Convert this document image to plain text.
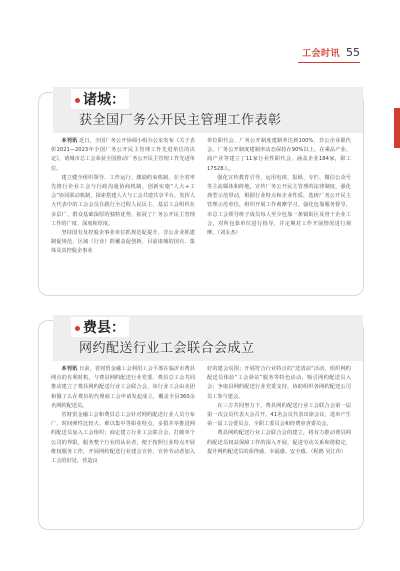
工会时讯 55
诸城：
获全国厂务公开民主管理工作表彰

本刊讯 近日，全国厂务公开协调小组办公室发布《关于表彰2021—2023年全国厂务公开民主管理工作先进单位的决定》，诸城市总工会荣获全国推动厂务公开民主管理工作先进单位。

建立健全组织领导、工作运行、激励约束机制，在全省率先推行企业工会与行政沟通协商机制，创新实施“人大+工会”协同联动机制，探索搭建人大与工会共建共享平台，发挥人大代表中的工会会员在践行全过程人民民主、基层工会组织在多层广、群众基础深厚的独特优势，拓展了厂务公开民主管理工作的广度、深度和厚度。

坚持国有及控股企事业单位抓规范促提升、非公企业抓建制促规范、区域（行业）抓覆盖促创新，目前诸城的国有、集体及其控股企事业

单位职代会、厂务公开制度建制率达到100%，非公企业职代会、厂务公开制度建制率动态保持在90%以上，在乘品产业、商产业等建立了11家行业性职代会，涵盖企业184家，职工17528人。

强化宣传教育引导，运用电视、报纸、专栏、微信公众号等主流媒体和阵地，宣传厂务公开民主管理的法律制度。强化典型示范带动，根据行业特点和企业性质，选树厂务公开民主管理示范单位，组织开展工作观摩学习。强化包靠服务督导，市总工会领导班子成员每人至少包靠一条镇街区及骨干企业工会，对所包靠单位进行指导，并定期对工作开展情况进行观摩。（刘永杰）

费县：
网约配送行业工会联合会成立

本刊讯 日前，省财贸金融工会利用工会平部在临沂市费县网点的有利时机，与费县网约配送行业党委、费县总工会共同推动建立了费县网约配送行业工会联合会，该行业工会由美团和饿了么在费县的代理商工会申请发起成立，覆盖全县360余名网约配送员。

省财贸金融工会和费县总工会针对网约配送行业人员分布广、时间弹性比较大、难以集中等职业特点，多措并举推进网约配送员加入工会组织；商定建立行业工会联合会，打破单个公司的界限，服务整个行业的从业者，便于按照行业特点开展维权服务工作，开展网约配送行业建会宣传，宣传劳动者加入工会的好处，营造良

好的建会氛围；开展符合行业特点的“送清凉”活动，组织网约配送员体验“工会驿站”服务等特色活动，吸引网约配送员入会；争取县网约配送行业党委支持，协助组织各网约配送公司员工参与建会。

在三方共同努力下，费县网约配送行业工会联合会第一届第一次会员代表大会召开，41名会员代表出席会议，选举产生第一届工会委员会，全职工委员会和经费审查委员会。

费县网约配送行业工会联合会的建立，将有力推动费县网约配送员权益保障工作的深入开展，促进劳动关系和谐稳定，提升网约配送员的获得感、幸福感、安全感。（程鸥 吴江伟）
